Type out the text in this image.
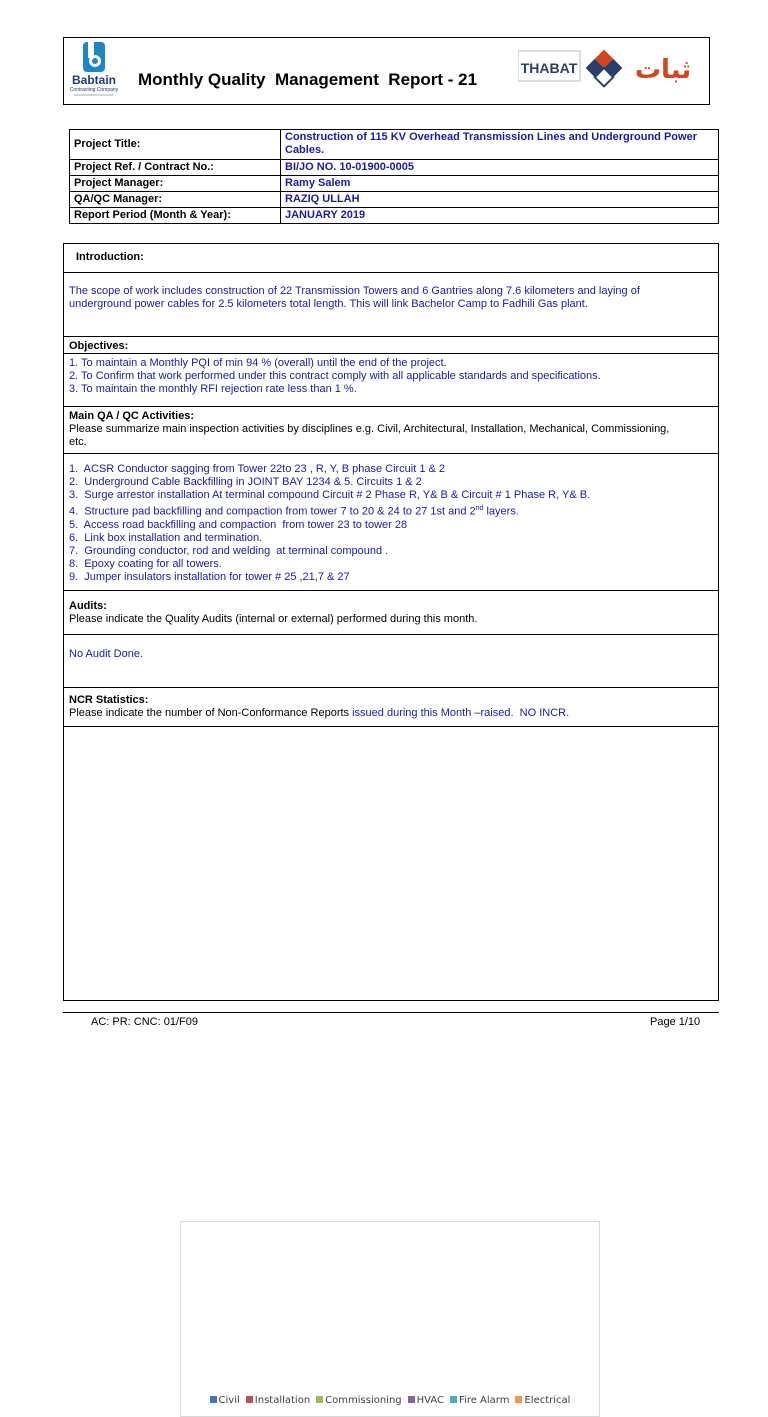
Babtain
Contracting Company
Monthly Quality  Management  Report - 21
THABAT ثبات
Project Title:	Construction of 115 KV Overhead Transmission Lines and Underground Power Cables.
Project Ref. / Contract No.:	BI/JO NO. 10-01900-0005
Project Manager:	Ramy Salem
QA/QC Manager:	RAZIQ ULLAH
Report Period (Month & Year):	JANUARY 2019
Introduction:
The scope of work includes construction of 22 Transmission Towers and 6 Gantries along 7.6 kilometers and laying of
underground power cables for 2.5 kilometers total length. This will link Bachelor Camp to Fadhili Gas plant.
Objectives:
1. To maintain a Monthly PQI of min 94 % (overall) until the end of the project.
2. To Confirm that work performed under this contract comply with all applicable standards and specifications.
3. To maintain the monthly RFI rejection rate less than 1 %.
Main QA / QC Activities:
Please summarize main inspection activities by disciplines e.g. Civil, Architectural, Installation, Mechanical, Commissioning,
etc.
1.  ACSR Conductor sagging from Tower 22to 23 , R, Y, B phase Circuit 1 & 2
2.  Underground Cable Backfilling in JOINT BAY 1234 & 5. Circuits 1 & 2
3.  Surge arrestor installation At terminal compound Circuit # 2 Phase R, Y& B & Circuit # 1 Phase R, Y& B.
4.  Structure pad backfilling and compaction from tower 7 to 20 & 24 to 27 1st and 2nd layers.
5.  Access road backfilling and compaction  from tower 23 to tower 28
6.  Link box installation and termination.
7.  Grounding conductor, rod and welding  at terminal compound .
8.  Epoxy coating for all towers.
9.  Jumper insulators installation for tower # 25 ,21,7 & 27
Audits:
Please indicate the Quality Audits (internal or external) performed during this month.
No Audit Done.
NCR Statistics:
Please indicate the number of Non-Conformance Reports issued during this Month –raised.  NO INCR.
Civil Installation Commissioning HVAC Fire Alarm Electrical
AC: PR: CNC: 01/F09	Page 1/10
